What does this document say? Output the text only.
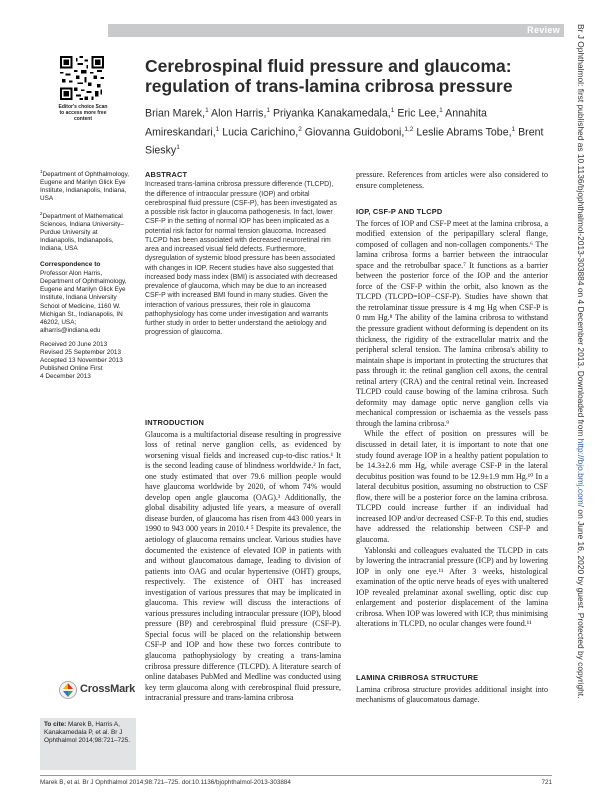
Review
Editor's choice Scan to access more free content
Cerebrospinal fluid pressure and glaucoma: regulation of trans-lamina cribrosa pressure
Brian Marek,$^1$ Alon Harris,$^1$ Priyanka Kanakamedala,$^1$ Eric Lee,$^1$ Annahita Amireskandari,$^1$ Lucia Carichino,$^2$ Giovanna Guidoboni,$^{1,2}$ Leslie Abrams Tobe,$^1$ Brent Siesky$^1$

$^1$Department of Ophthalmology, Eugene and Marilyn Glick Eye Institute, Indianapolis, Indiana, USA

$^2$Department of Mathematical Sciences, Indiana University–Purdue University at Indianapolis, Indianapolis, Indiana, USA

Correspondence to
Professor Alon Harris, Department of Ophthalmology, Eugene and Marilyn Glick Eye Institute, Indiana University School of Medicine, 1160 W. Michigan St., Indianapolis, IN 46202, USA; alharris@indiana.edu
Received 20 June 2013
Revised 25 September 2013
Accepted 13 November 2013
Published Online First
4 December 2013
ABSTRACT
Increased trans-lamina cribrosa pressure difference (TLCPD), the difference of intraocular pressure (IOP) and orbital cerebrospinal fluid pressure (CSF-P), has been investigated as a possible risk factor in glaucoma pathogenesis. In fact, lower CSF-P in the setting of normal IOP has been implicated as a potential risk factor for normal tension glaucoma. Increased TLCPD has been associated with decreased neuroretinal rim area and increased visual field defects. Furthermore, dysregulation of systemic blood pressure has been associated with changes in IOP. Recent studies have also suggested that increased body mass index (BMI) is associated with decreased prevalence of glaucoma, which may be due to an increased CSF-P with increased BMI found in many studies. Given the interaction of various pressures, their role in glaucoma pathophysiology has come under investigation and warrants further study in order to better understand the aetiology and progression of glaucoma.
INTRODUCTION

Glaucoma is a multifactorial disease resulting in progressive loss of retinal nerve ganglion cells, as evidenced by worsening visual fields and increased cup-to-disc ratios.¹ It is the second leading cause of blindness worldwide.² In fact, one study estimated that over 79.6 million people would have glaucoma worldwide by 2020, of whom 74% would develop open angle glaucoma (OAG).³ Additionally, the global disability adjusted life years, a measure of overall disease burden, of glaucoma has risen from 443 000 years in 1990 to 943 000 years in 2010.⁴ ⁵ Despite its prevalence, the aetiology of glaucoma remains unclear. Various studies have documented the existence of elevated IOP in patients with and without glaucomatous damage, leading to division of patients into OAG and ocular hypertensive (OHT) groups, respectively. The existence of OHT has increased investigation of various pressures that may be implicated in glaucoma. This review will discuss the interactions of various pressures including intraocular pressure (IOP), blood pressure (BP) and cerebrospinal fluid pressure (CSF-P). Special focus will be placed on the relationship between CSF-P and IOP and how these two forces contribute to glaucoma pathophysiology by creating a trans-lamina cribrosa pressure difference (TLCPD). A literature search of online databases PubMed and Medline was conducted using key term glaucoma along with cerebrospinal fluid pressure, intracranial pressure and trans-lamina cribrosa

pressure. References from articles were also considered to ensure completeness.

IOP, CSF-P AND TLCPD

The forces of IOP and CSF-P meet at the lamina cribrosa, a modified extension of the peripapillary scleral flange, composed of collagen and non-collagen components.⁶ The lamina cribrosa forms a barrier between the intraocular space and the retrobulbar space.⁷ It functions as a barrier between the posterior force of the IOP and the anterior force of the CSF-P within the orbit, also known as the TLCPD (TLCPD=IOP−CSF-P). Studies have shown that the retrolaminar tissue pressure is 4 mg Hg when CSF-P is 0 mm Hg.⁸ The ability of the lamina cribrosa to withstand the pressure gradient without deforming is dependent on its thickness, the rigidity of the extracellular matrix and the peripheral scleral tension. The lamina cribrosa's ability to maintain shape is important in protecting the structures that pass through it: the retinal ganglion cell axons, the central retinal artery (CRA) and the central retinal vein. Increased TLCPD could cause bowing of the lamina cribrosa. Such deformity may damage optic nerve ganglion cells via mechanical compression or ischaemia as the vessels pass through the lamina cribrosa.⁹

While the effect of position on pressures will be discussed in detail later, it is important to note that one study found average IOP in a healthy patient population to be 14.3±2.6 mm Hg, while average CSF-P in the lateral decubitus position was found to be 12.9±1.9 mm Hg.¹⁰ In a lateral decubitus position, assuming no obstruction to CSF flow, there will be a posterior force on the lamina cribrosa. TLCPD could increase further if an individual had increased IOP and/or decreased CSF-P. To this end, studies have addressed the relationship between CSF-P and glaucoma.

Yablonski and colleagues evaluated the TLCPD in cats by lowering the intracranial pressure (ICP) and by lowering IOP in only one eye.¹¹ After 3 weeks, histological examination of the optic nerve heads of eyes with unaltered IOP revealed prelaminar axonal swelling, optic disc cup enlargement and posterior displacement of the lamina cribrosa. When IOP was lowered with ICP, thus minimising alterations in TLCPD, no ocular changes were found.¹¹

LAMINA CRIBROSA STRUCTURE

Lamina cribrosa structure provides additional insight into mechanisms of glaucomatous damage.

CrossMark
To cite: Marek B, Harris A, Kanakamedala P, et al. Br J Ophthalmol 2014;98:721–725.
Marek B, et al. Br J Ophthalmol 2014;98:721–725. doi:10.1136/bjophthalmol-2013-303884	721
Br J Ophthalmol: first published as 10.1136/bjophthalmol-2013-303884 on 4 December 2013. Downloaded from http://bjo.bmj.com/ on June 16, 2020 by guest. Protected by copyright.
